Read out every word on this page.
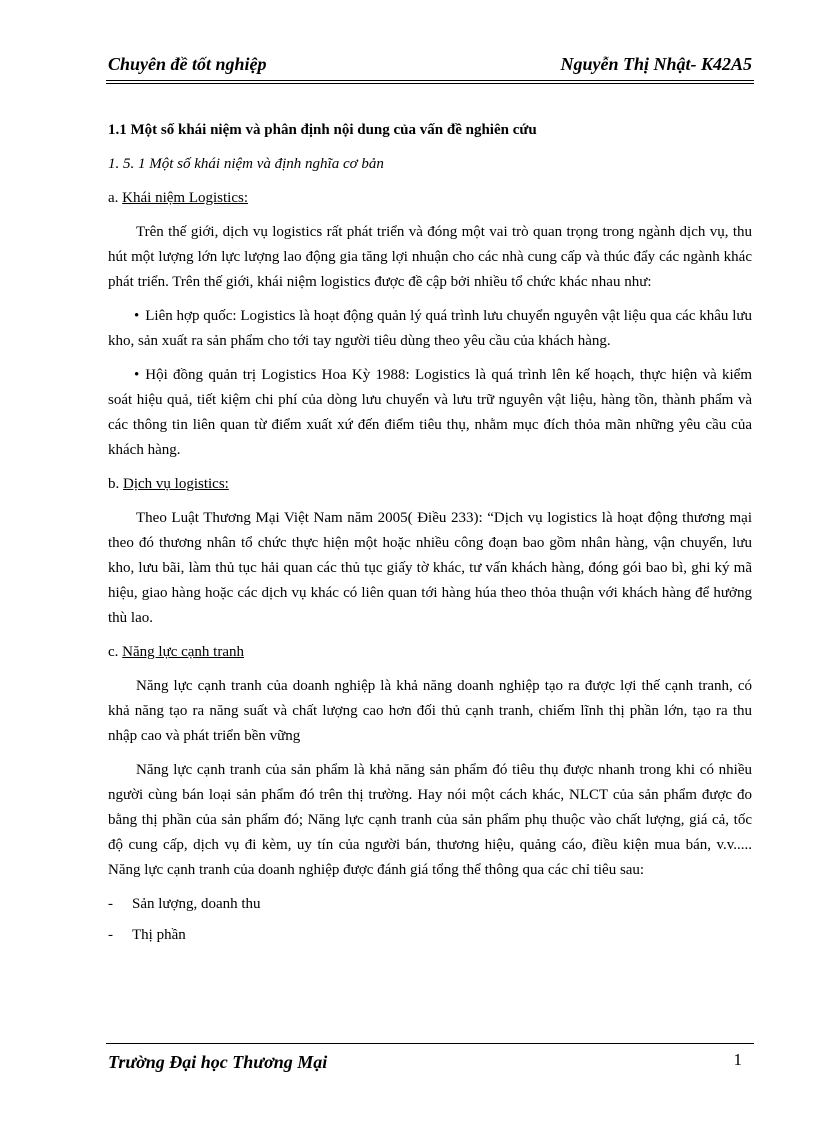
Chuyên đề tốt nghiệp	Nguyễn Thị Nhật- K42A5

1.1 Một số khái niệm và phân định nội dung của vấn đề nghiên cứu

1. 5. 1 Một số khái niệm và định nghĩa cơ bản

a. Khái niệm Logistics:

Trên thế giới, dịch vụ logistics rất phát triển và đóng một vai trò quan trọng trong ngành dịch vụ, thu hút một lượng lớn lực lượng lao động gia tăng lợi nhuận cho các nhà cung cấp và thúc đẩy các ngành khác phát triển. Trên thế giới, khái niệm logistics được đề cập bởi nhiều tổ chức khác nhau như:

• Liên hợp quốc: Logistics là hoạt động quản lý quá trình lưu chuyển nguyên vật liệu qua các khâu lưu kho, sản xuất ra sản phẩm cho tới tay người tiêu dùng theo yêu cầu của khách hàng.

• Hội đồng quản trị Logistics Hoa Kỳ 1988: Logistics là quá trình lên kế hoạch, thực hiện và kiểm soát hiệu quả, tiết kiệm chi phí của dòng lưu chuyển và lưu trữ nguyên vật liệu, hàng tồn, thành phẩm và các thông tin liên quan từ điểm xuất xứ đến điểm tiêu thụ, nhằm mục đích thỏa mãn những yêu cầu của khách hàng.

b. Dịch vụ logistics:

Theo Luật Thương Mại Việt Nam năm 2005( Điều 233): “Dịch vụ logistics là hoạt động thương mại theo đó thương nhân tổ chức thực hiện một hoặc nhiều công đoạn bao gồm nhân hàng, vận chuyển, lưu kho, lưu bãi, làm thủ tục hải quan các thủ tục giấy tờ khác, tư vấn khách hàng, đóng gói bao bì, ghi ký mã hiệu, giao hàng hoặc các dịch vụ khác có liên quan tới hàng húa theo thỏa thuận với khách hàng để hưởng thù lao.

c. Năng lực cạnh tranh

Năng lực cạnh tranh của doanh nghiệp là khả năng doanh nghiệp tạo ra được lợi thế cạnh tranh, có khả năng tạo ra năng suất và chất lượng cao hơn đối thủ cạnh tranh, chiếm lĩnh thị phần lớn, tạo ra thu nhập cao và phát triển bền vững

Năng lực cạnh tranh của sản phẩm là khả năng sản phẩm đó tiêu thụ được nhanh trong khi có nhiều người cùng bán loại sản phẩm đó trên thị trường. Hay nói một cách khác, NLCT của sản phẩm được đo bằng thị phần của sản phẩm đó; Năng lực cạnh tranh của sản phẩm phụ thuộc vào chất lượng, giá cả, tốc độ cung cấp, dịch vụ đi kèm, uy tín của người bán, thương hiệu, quảng cáo, điều kiện mua bán, v.v..... Năng lực cạnh tranh của doanh nghiệp được đánh giá tổng thể thông qua các chỉ tiêu sau:

- Sản lượng, doanh thu

- Thị phần

Trường Đại học Thương Mại	1
